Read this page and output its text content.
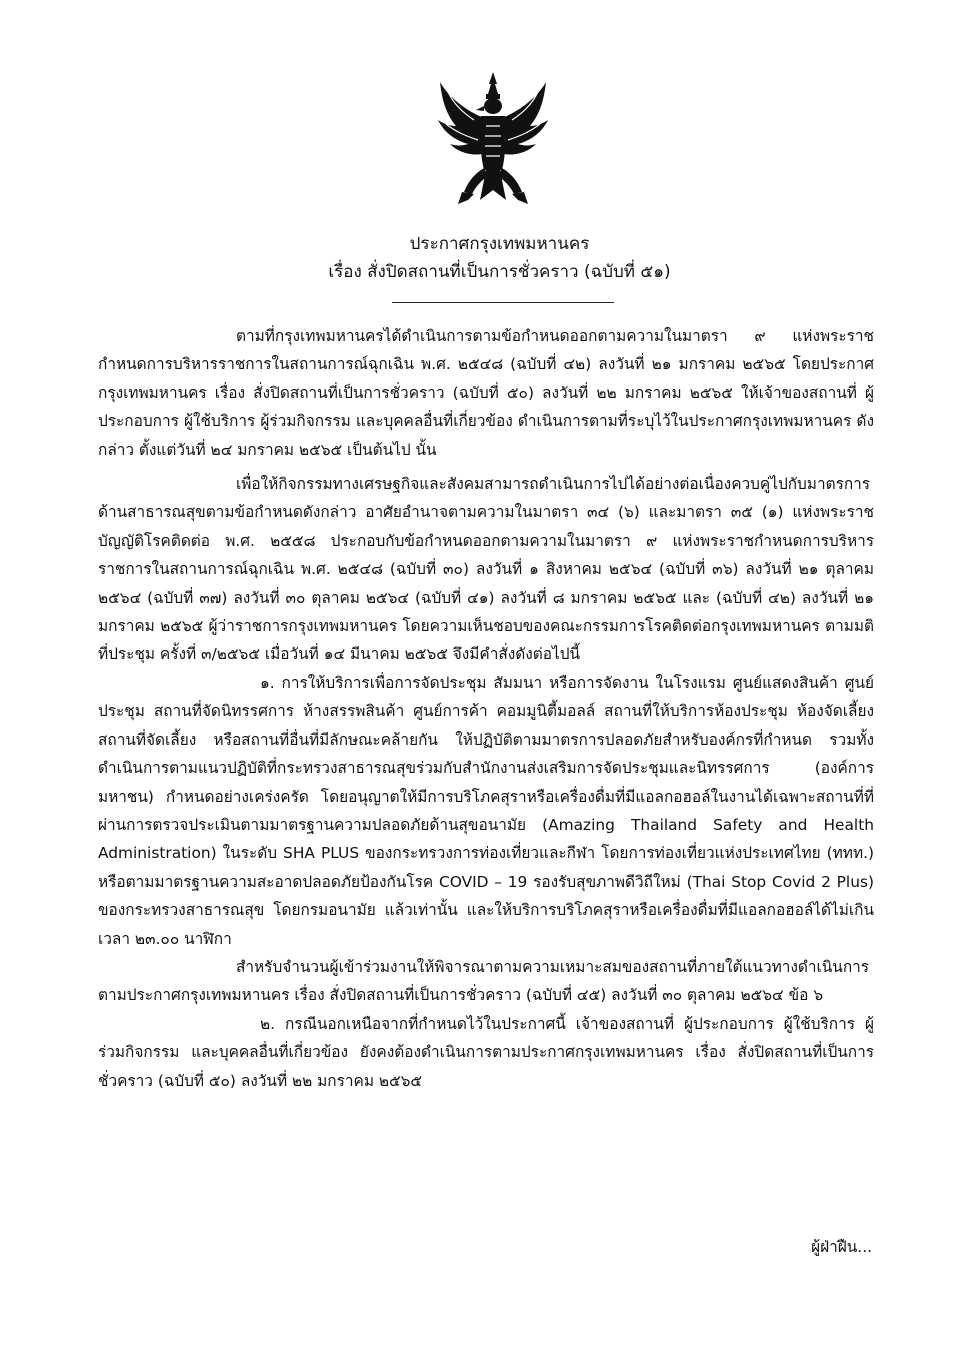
ประกาศกรุงเทพมหานคร
เรื่อง สั่งปิดสถานที่เป็นการชั่วคราว (ฉบับที่ ๕๑)

ตามที่กรุงเทพมหานครได้ดำเนินการตามข้อกำหนดออกตามความในมาตรา ๙ แห่งพระราชกำหนดการบริหารราชการในสถานการณ์ฉุกเฉิน พ.ศ. ๒๕๔๘ (ฉบับที่ ๔๒) ลงวันที่ ๒๑ มกราคม ๒๕๖๕ โดยประกาศกรุงเทพมหานคร เรื่อง สั่งปิดสถานที่เป็นการชั่วคราว (ฉบับที่ ๕๐) ลงวันที่ ๒๒ มกราคม ๒๕๖๕ ให้เจ้าของสถานที่ ผู้ประกอบการ ผู้ใช้บริการ ผู้ร่วมกิจกรรม และบุคคลอื่นที่เกี่ยวข้อง ดำเนินการตามที่ระบุไว้ในประกาศกรุงเทพมหานคร ดังกล่าว ตั้งแต่วันที่ ๒๔ มกราคม ๒๕๖๕ เป็นต้นไป นั้น

เพื่อให้กิจกรรมทางเศรษฐกิจและสังคมสามารถดำเนินการไปได้อย่างต่อเนื่องควบคู่ไปกับมาตรการด้านสาธารณสุขตามข้อกำหนดดังกล่าว อาศัยอำนาจตามความในมาตรา ๓๔ (๖) และมาตรา ๓๕ (๑) แห่งพระราชบัญญัติโรคติดต่อ พ.ศ. ๒๕๕๘ ประกอบกับข้อกำหนดออกตามความในมาตรา ๙ แห่งพระราชกำหนดการบริหารราชการในสถานการณ์ฉุกเฉิน พ.ศ. ๒๕๔๘ (ฉบับที่ ๓๐) ลงวันที่ ๑ สิงหาคม ๒๕๖๔ (ฉบับที่ ๓๖) ลงวันที่ ๒๑ ตุลาคม ๒๕๖๔ (ฉบับที่ ๓๗) ลงวันที่ ๓๐ ตุลาคม ๒๕๖๔ (ฉบับที่ ๔๑) ลงวันที่ ๘ มกราคม ๒๕๖๕ และ (ฉบับที่ ๔๒) ลงวันที่ ๒๑ มกราคม ๒๕๖๕ ผู้ว่าราชการกรุงเทพมหานคร โดยความเห็นชอบของคณะกรรมการโรคติดต่อกรุงเทพมหานคร ตามมติที่ประชุม ครั้งที่ ๓/๒๕๖๕ เมื่อวันที่ ๑๔ มีนาคม ๒๕๖๕ จึงมีคำสั่งดังต่อไปนี้

๑. การให้บริการเพื่อการจัดประชุม สัมมนา หรือการจัดงาน ในโรงแรม ศูนย์แสดงสินค้า ศูนย์ประชุม สถานที่จัดนิทรรศการ ห้างสรรพสินค้า ศูนย์การค้า คอมมูนิตี้มอลล์ สถานที่ให้บริการห้องประชุม ห้องจัดเลี้ยง สถานที่จัดเลี้ยง หรือสถานที่อื่นที่มีลักษณะคล้ายกัน ให้ปฏิบัติตามมาตรการปลอดภัยสำหรับองค์กรที่กำหนด รวมทั้งดำเนินการตามแนวปฏิบัติที่กระทรวงสาธารณสุขร่วมกับสำนักงานส่งเสริมการจัดประชุมและนิทรรศการ (องค์การมหาชน) กำหนดอย่างเคร่งครัด โดยอนุญาตให้มีการบริโภคสุราหรือเครื่องดื่มที่มีแอลกอฮอล์ในงานได้เฉพาะสถานที่ที่ผ่านการตรวจประเมินตามมาตรฐานความปลอดภัยด้านสุขอนามัย (Amazing Thailand Safety and Health Administration) ในระดับ SHA PLUS ของกระทรวงการท่องเที่ยวและกีฬา โดยการท่องเที่ยวแห่งประเทศไทย (ททท.) หรือตามมาตรฐานความสะอาดปลอดภัยป้องกันโรค COVID – 19 รองรับสุขภาพดีวิถีใหม่ (Thai Stop Covid 2 Plus) ของกระทรวงสาธารณสุข โดยกรมอนามัย แล้วเท่านั้น และให้บริการบริโภคสุราหรือเครื่องดื่มที่มีแอลกอฮอล์ได้ไม่เกินเวลา ๒๓.๐๐ นาฬิกา

สำหรับจำนวนผู้เข้าร่วมงานให้พิจารณาตามความเหมาะสมของสถานที่ภายใต้แนวทางดำเนินการตามประกาศกรุงเทพมหานคร เรื่อง สั่งปิดสถานที่เป็นการชั่วคราว (ฉบับที่ ๔๕) ลงวันที่ ๓๐ ตุลาคม ๒๕๖๔ ข้อ ๖

๒. กรณีนอกเหนือจากที่กำหนดไว้ในประกาศนี้ เจ้าของสถานที่ ผู้ประกอบการ ผู้ใช้บริการ ผู้ร่วมกิจกรรม และบุคคลอื่นที่เกี่ยวข้อง ยังคงต้องดำเนินการตามประกาศกรุงเทพมหานคร เรื่อง สั่งปิดสถานที่เป็นการชั่วคราว (ฉบับที่ ๕๐) ลงวันที่ ๒๒ มกราคม ๒๕๖๕

ผู้ฝ่าฝืน...
